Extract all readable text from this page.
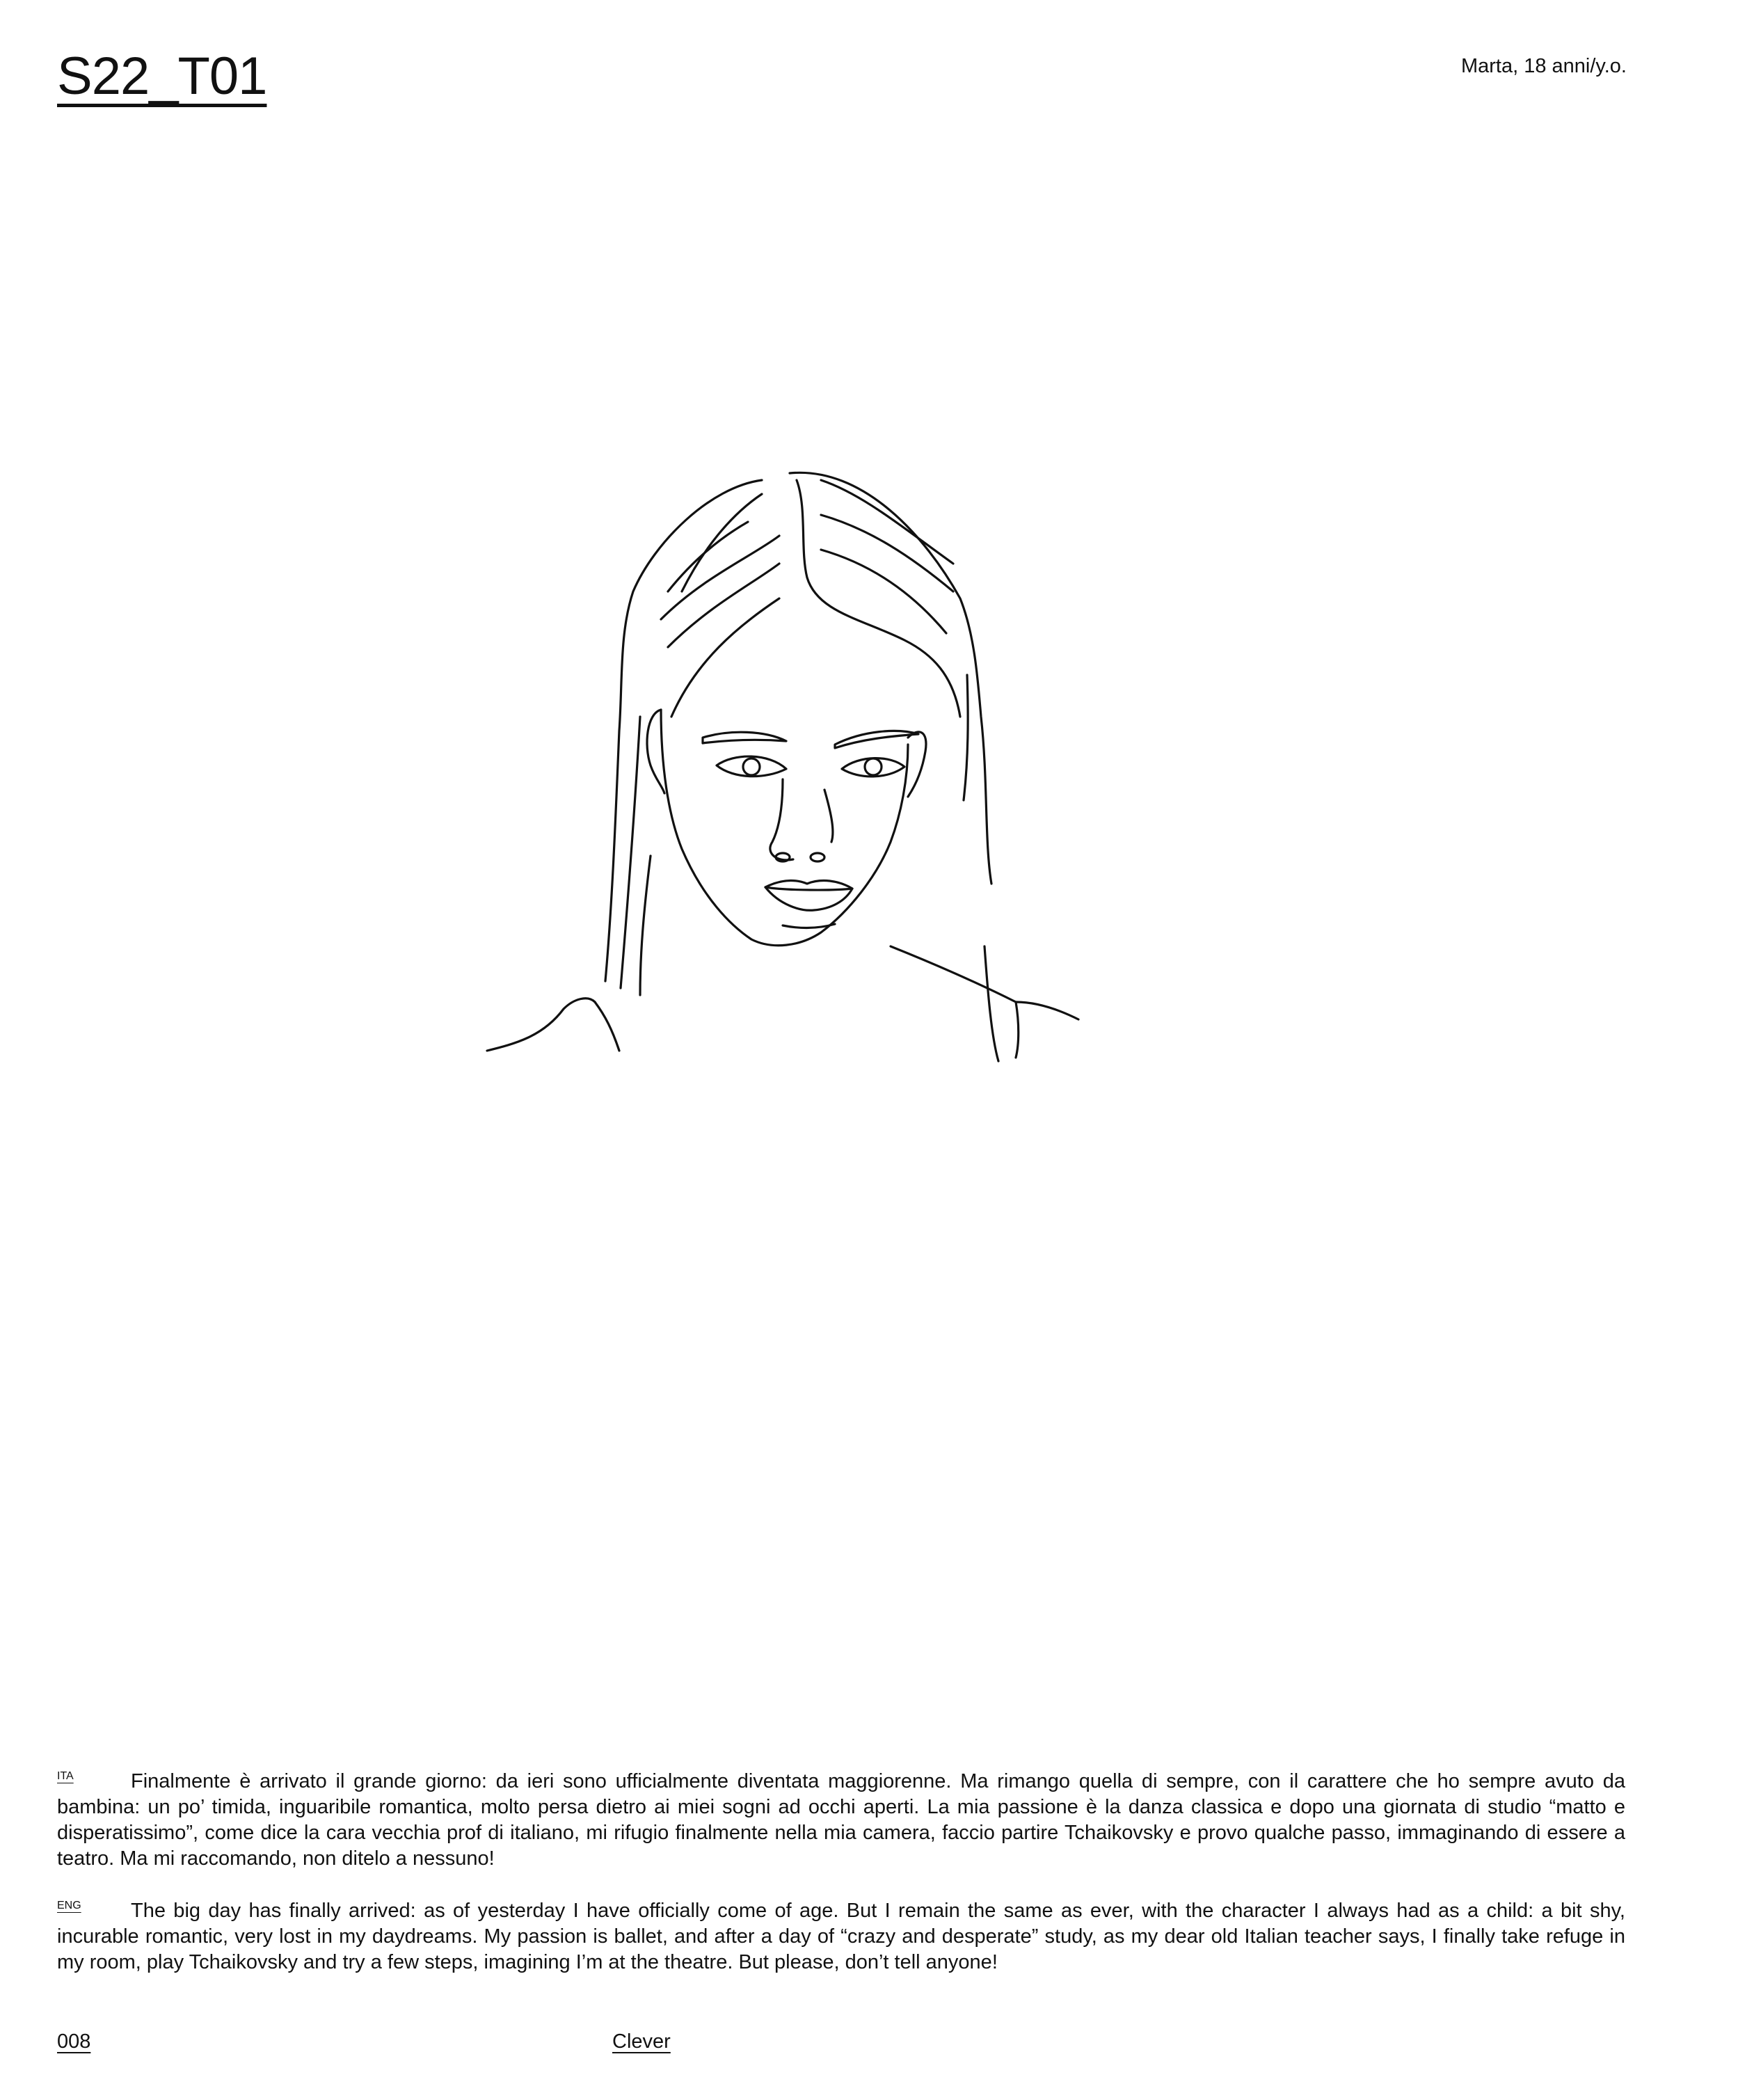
S22_T01	Marta, 18 anni/y.o.

ITA	Finalmente è arrivato il grande giorno: da ieri sono ufficialmente diventata maggiorenne. Ma rimango quella di sempre, con il carattere che ho sempre avuto da bambina: un po’ timida, inguaribile romantica, molto persa dietro ai miei sogni ad occhi aperti. La mia passione è la danza classica e dopo una giornata di studio “matto e disperatissimo”, come dice la cara vecchia prof di italiano, mi rifugio finalmente nella mia camera, faccio partire Tchaikovsky e provo qualche passo, immaginando di essere a teatro. Ma mi raccomando, non ditelo a nessuno!

ENG The big day has finally arrived: as of yesterday I have officially come of age. But I remain the same as ever, with the character I always had as a child: a bit shy, incurable romantic, very lost in my daydreams. My passion is ballet, and after a day of “crazy and desperate” study, as my dear old Italian teacher says, I finally take refuge in my room, play Tchaikovsky and try a few steps, imagining I’m at the theatre. But please, don’t tell anyone!

008	Clever
